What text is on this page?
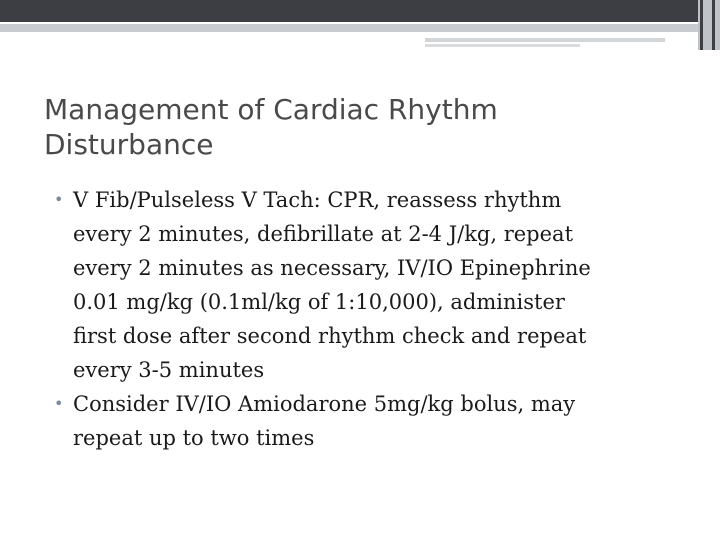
Management of Cardiac Rhythm
Disturbance
• V Fib/Pulseless V Tach: CPR, reassess rhythm
every 2 minutes, defibrillate at 2-4 J/kg, repeat
every 2 minutes as necessary, IV/IO Epinephrine
0.01 mg/kg (0.1ml/kg of 1:10,000), administer
first dose after second rhythm check and repeat
every 3-5 minutes
• Consider IV/IO Amiodarone 5mg/kg bolus, may
repeat up to two times
